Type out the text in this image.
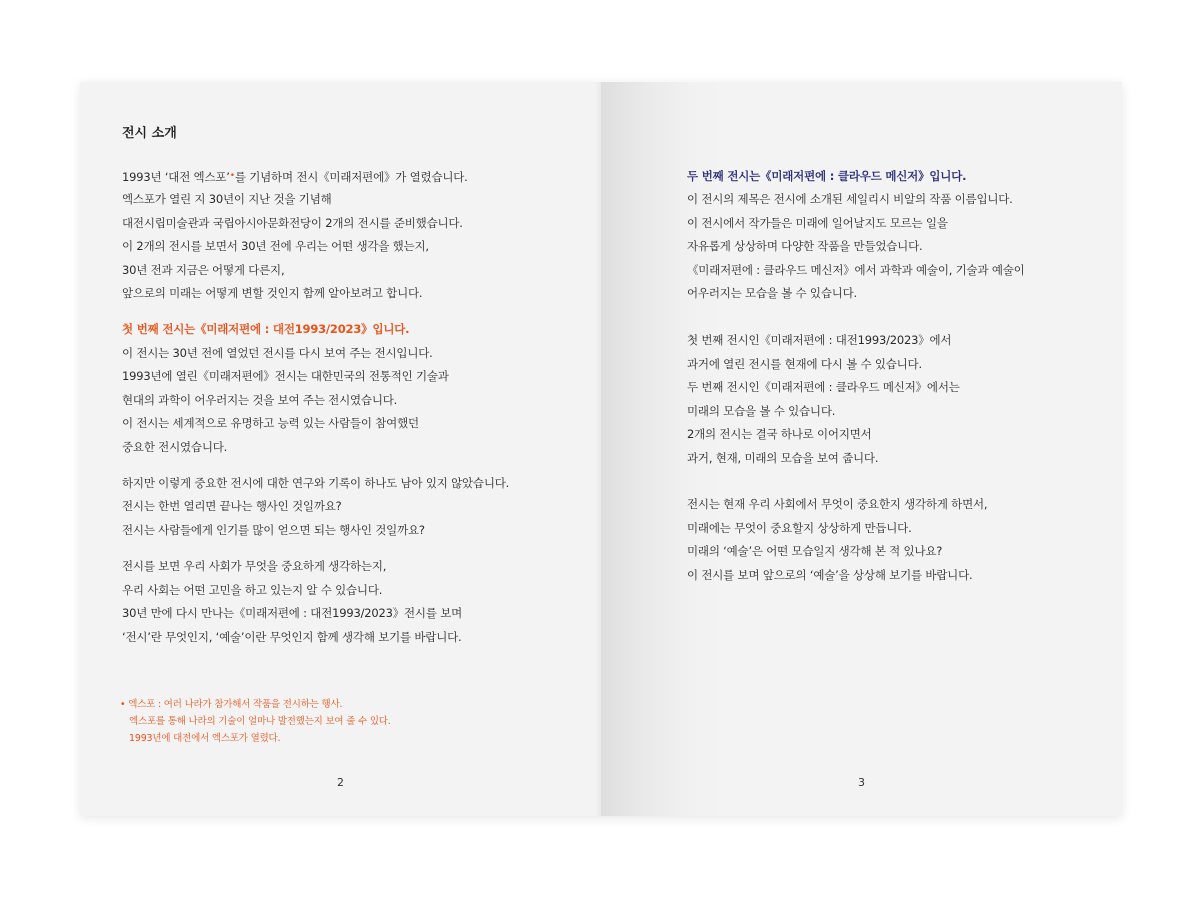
전시 소개
1993년 ‘대전 엑스포’•를 기념하며 전시《미래저편에》가 열렸습니다.
엑스포가 열린 지 30년이 지난 것을 기념해
대전시립미술관과 국립아시아문화전당이 2개의 전시를 준비했습니다.
이 2개의 전시를 보면서 30년 전에 우리는 어떤 생각을 했는지,
30년 전과 지금은 어떻게 다른지,
앞으로의 미래는 어떻게 변할 것인지 함께 알아보려고 합니다.
첫 번째 전시는《미래저편에 : 대전1993/2023》입니다.
이 전시는 30년 전에 열었던 전시를 다시 보여 주는 전시입니다.
1993년에 열린《미래저편에》전시는 대한민국의 전통적인 기술과
현대의 과학이 어우러지는 것을 보여 주는 전시였습니다.
이 전시는 세계적으로 유명하고 능력 있는 사람들이 참여했던
중요한 전시였습니다.
하지만 이렇게 중요한 전시에 대한 연구와 기록이 하나도 남아 있지 않았습니다.
전시는 한번 열리면 끝나는 행사인 것일까요?
전시는 사람들에게 인기를 많이 얻으면 되는 행사인 것일까요?
전시를 보면 우리 사회가 무엇을 중요하게 생각하는지,
우리 사회는 어떤 고민을 하고 있는지 알 수 있습니다.
30년 만에 다시 만나는《미래저편에 : 대전1993/2023》전시를 보며
‘전시’란 무엇인지, ‘예술’이란 무엇인지 함께 생각해 보기를 바랍니다.
• 엑스포 : 여러 나라가 참가해서 작품을 전시하는 행사.
엑스포를 통해 나라의 기술이 얼마나 발전했는지 보여 줄 수 있다.
1993년에 대전에서 엑스포가 열렸다.
2
두 번째 전시는《미래저편에 : 클라우드 메신저》입니다.
이 전시의 제목은 전시에 소개된 세일리시 비알의 작품 이름입니다.
이 전시에서 작가들은 미래에 일어날지도 모르는 일을
자유롭게 상상하며 다양한 작품을 만들었습니다.
《미래저편에 : 클라우드 메신저》에서 과학과 예술이, 기술과 예술이
어우러지는 모습을 볼 수 있습니다.
첫 번째 전시인《미래저편에 : 대전1993/2023》에서
과거에 열린 전시를 현재에 다시 볼 수 있습니다.
두 번째 전시인《미래저편에 : 클라우드 메신저》에서는
미래의 모습을 볼 수 있습니다.
2개의 전시는 결국 하나로 이어지면서
과거, 현재, 미래의 모습을 보여 줍니다.
전시는 현재 우리 사회에서 무엇이 중요한지 생각하게 하면서,
미래에는 무엇이 중요할지 상상하게 만듭니다.
미래의 ‘예술’은 어떤 모습일지 생각해 본 적 있나요?
이 전시를 보며 앞으로의 ‘예술’을 상상해 보기를 바랍니다.
3
